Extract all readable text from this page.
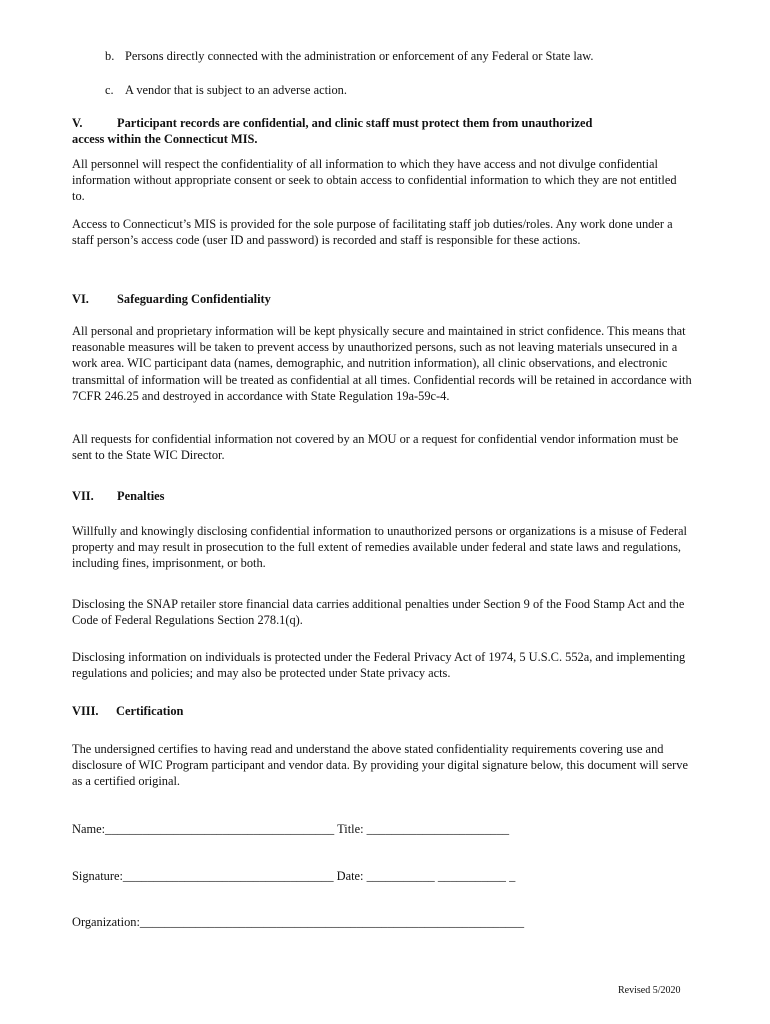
b. Persons directly connected with the administration or enforcement of any Federal or State law.

c. A vendor that is subject to an adverse action.

V.	Participant records are confidential, and clinic staff must protect them from unauthorized
access within the Connecticut MIS.

All personnel will respect the confidentiality of all information to which they have access and not divulge confidential information without appropriate consent or seek to obtain access to confidential information to which they are not entitled to.

Access to Connecticut’s MIS is provided for the sole purpose of facilitating staff job duties/roles. Any work done under a staff person’s access code (user ID and password) is recorded and staff is responsible for these actions.

VI. Safeguarding Confidentiality

All personal and proprietary information will be kept physically secure and maintained in strict confidence. This means that reasonable measures will be taken to prevent access by unauthorized persons, such as not leaving materials unsecured in a work area. WIC participant data (names, demographic, and nutrition information), all clinic observations, and electronic transmittal of information will be treated as confidential at all times. Confidential records will be retained in accordance with 7CFR 246.25 and destroyed in accordance with State Regulation 19a-59c-4.

All requests for confidential information not covered by an MOU or a request for confidential vendor information must be sent to the State WIC Director.

VII. Penalties

Willfully and knowingly disclosing confidential information to unauthorized persons or organizations is a misuse of Federal property and may result in prosecution to the full extent of remedies available under federal and state laws and regulations, including fines, imprisonment, or both.

Disclosing the SNAP retailer store financial data carries additional penalties under Section 9 of the Food Stamp Act and the Code of Federal Regulations Section 278.1(q).

Disclosing information on individuals is protected under the Federal Privacy Act of 1974, 5 U.S.C. 552a, and implementing regulations and policies; and may also be protected under State privacy acts.

VIII. Certification

The undersigned certifies to having read and understand the above stated confidentiality requirements covering use and disclosure of WIC Program participant and vendor data. By providing your digital signature below, this document will serve as a certified original.

Name:_____________________________________ Title: _______________________

Signature:__________________________________ Date: ___________ ___________ _

Organization:______________________________________________________________

Revised 5/2020
